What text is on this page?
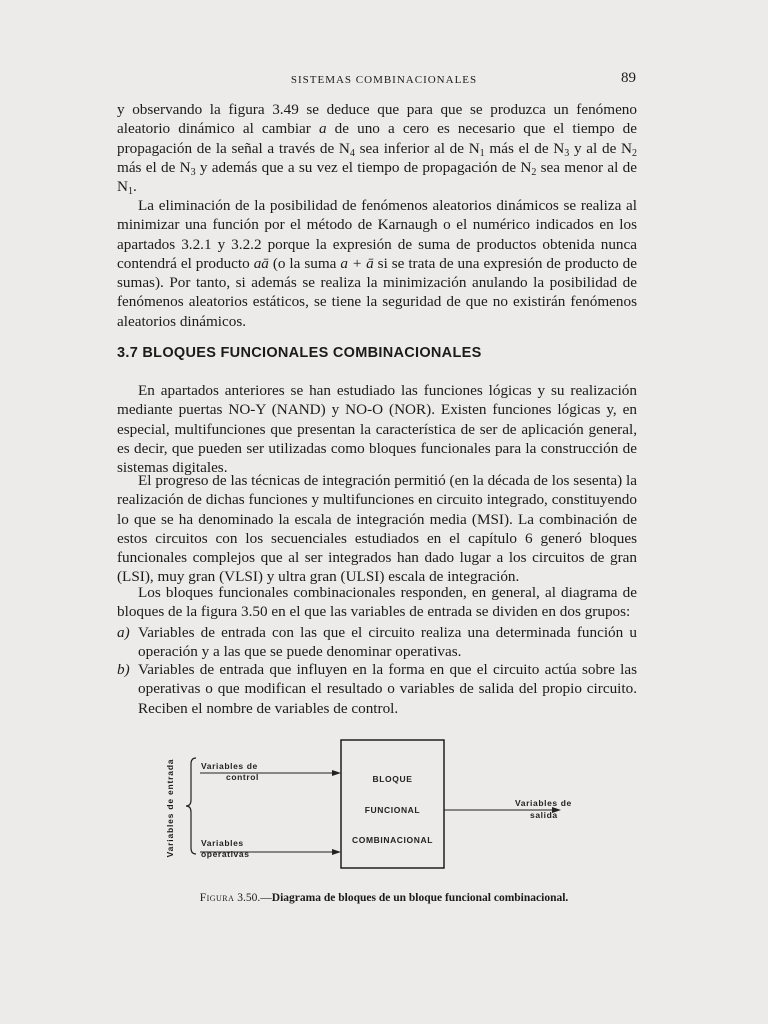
SISTEMAS COMBINACIONALES	89

y observando la figura 3.49 se deduce que para que se produzca un fenómeno aleatorio dinámico al cambiar a de uno a cero es necesario que el tiempo de propagación de la señal a través de $N_4$ sea inferior al de $N_1$ más el de $N_3$ y al de $N_2$ más el de $N_3$ y además que a su vez el tiempo de propagación de $N_2$ sea menor al de $N_1$.

La eliminación de la posibilidad de fenómenos aleatorios dinámicos se realiza al minimizar una función por el método de Karnaugh o el numérico indicados en los apartados 3.2.1 y 3.2.2 porque la expresión de suma de productos obtenida nunca contendrá el producto aā (o la suma a + ā si se trata de una expresión de producto de sumas). Por tanto, si además se realiza la minimización anulando la posibilidad de fenómenos aleatorios estáticos, se tiene la seguridad de que no existirán fenómenos aleatorios dinámicos.

3.7 BLOQUES FUNCIONALES COMBINACIONALES

En apartados anteriores se han estudiado las funciones lógicas y su realización mediante puertas NO-Y (NAND) y NO-O (NOR). Existen funciones lógicas y, en especial, multifunciones que presentan la característica de ser de aplicación general, es decir, que pueden ser utilizadas como bloques funcionales para la construcción de sistemas digitales.

El progreso de las técnicas de integración permitió (en la década de los sesenta) la realización de dichas funciones y multifunciones en circuito integrado, constituyendo lo que se ha denominado la escala de integración media (MSI). La combinación de estos circuitos con los secuenciales estudiados en el capítulo 6 generó bloques funcionales complejos que al ser integrados han dado lugar a los circuitos de gran (LSI), muy gran (VLSI) y ultra gran (ULSI) escala de integración.

Los bloques funcionales combinacionales responden, en general, al diagrama de bloques de la figura 3.50 en el que las variables de entrada se dividen en dos grupos:

a) Variables de entrada con las que el circuito realiza una determinada función u operación y a las que se puede denominar operativas.
b) Variables de entrada que influyen en la forma en que el circuito actúa sobre las operativas o que modifican el resultado o variables de salida del propio circuito. Reciben el nombre de variables de control.
Variables de entrada	Variables de
control
Variables
operativas
BLOQUE
FUNCIONAL
COMBINACIONAL
Variables de
salida
Figura 3.50.—Diagrama de bloques de un bloque funcional combinacional.
